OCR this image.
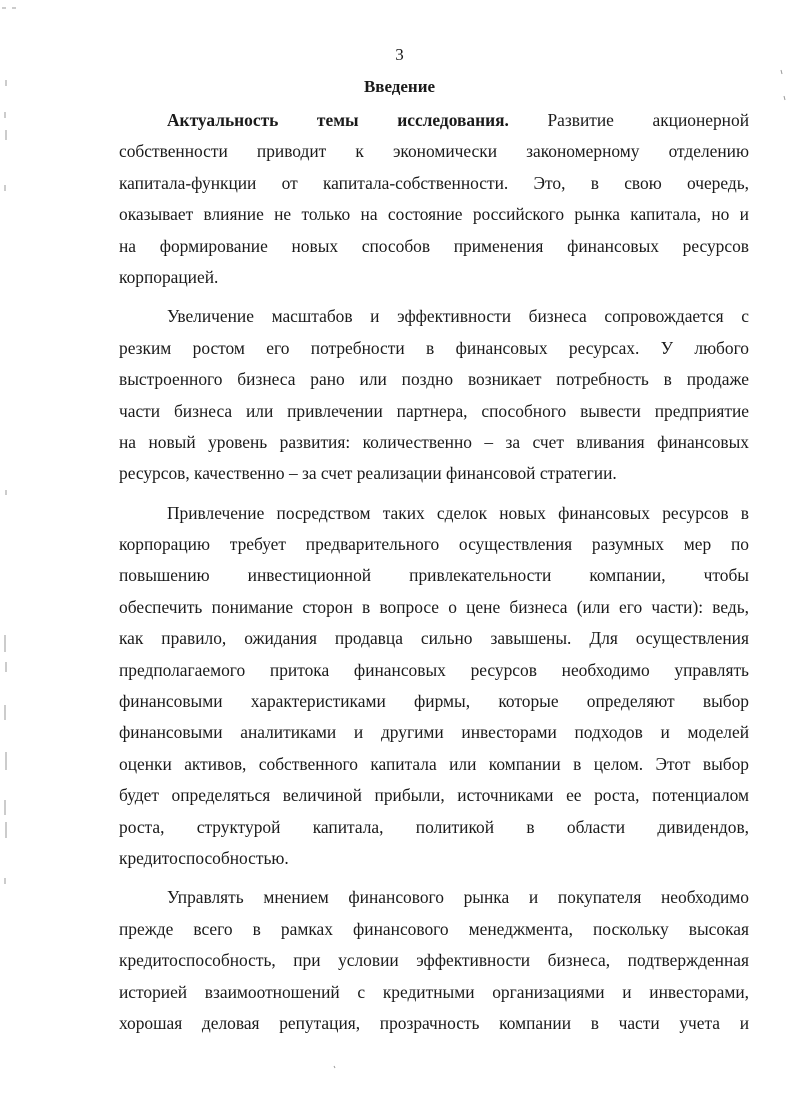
3
Введение
Актуальность темы исследования. Развитие акционерной
собственности приводит к экономически закономерному отделению
капитала-функции от капитала-собственности. Это, в свою очередь,
оказывает влияние не только на состояние российского рынка капитала, но и
на формирование новых способов применения финансовых ресурсов
корпорацией.
Увеличение масштабов и эффективности бизнеса сопровождается с
резким ростом его потребности в финансовых ресурсах. У любого
выстроенного бизнеса рано или поздно возникает потребность в продаже
части бизнеса или привлечении партнера, способного вывести предприятие
на новый уровень развития: количественно – за счет вливания финансовых
ресурсов, качественно – за счет реализации финансовой стратегии.
Привлечение посредством таких сделок новых финансовых ресурсов в
корпорацию требует предварительного осуществления разумных мер по
повышению инвестиционной привлекательности компании, чтобы
обеспечить понимание сторон в вопросе о цене бизнеса (или его части): ведь,
как правило, ожидания продавца сильно завышены. Для осуществления
предполагаемого притока финансовых ресурсов необходимо управлять
финансовыми характеристиками фирмы, которые определяют выбор
финансовыми аналитиками и другими инвесторами подходов и моделей
оценки активов, собственного капитала или компании в целом. Этот выбор
будет определяться величиной прибыли, источниками ее роста, потенциалом
роста, структурой капитала, политикой в области дивидендов,
кредитоспособностью.
Управлять мнением финансового рынка и покупателя необходимо
прежде всего в рамках финансового менеджмента, поскольку высокая
кредитоспособность, при условии эффективности бизнеса, подтвержденная
историей взаимоотношений с кредитными организациями и инвесторами,
хорошая деловая репутация, прозрачность компании в части учета и
